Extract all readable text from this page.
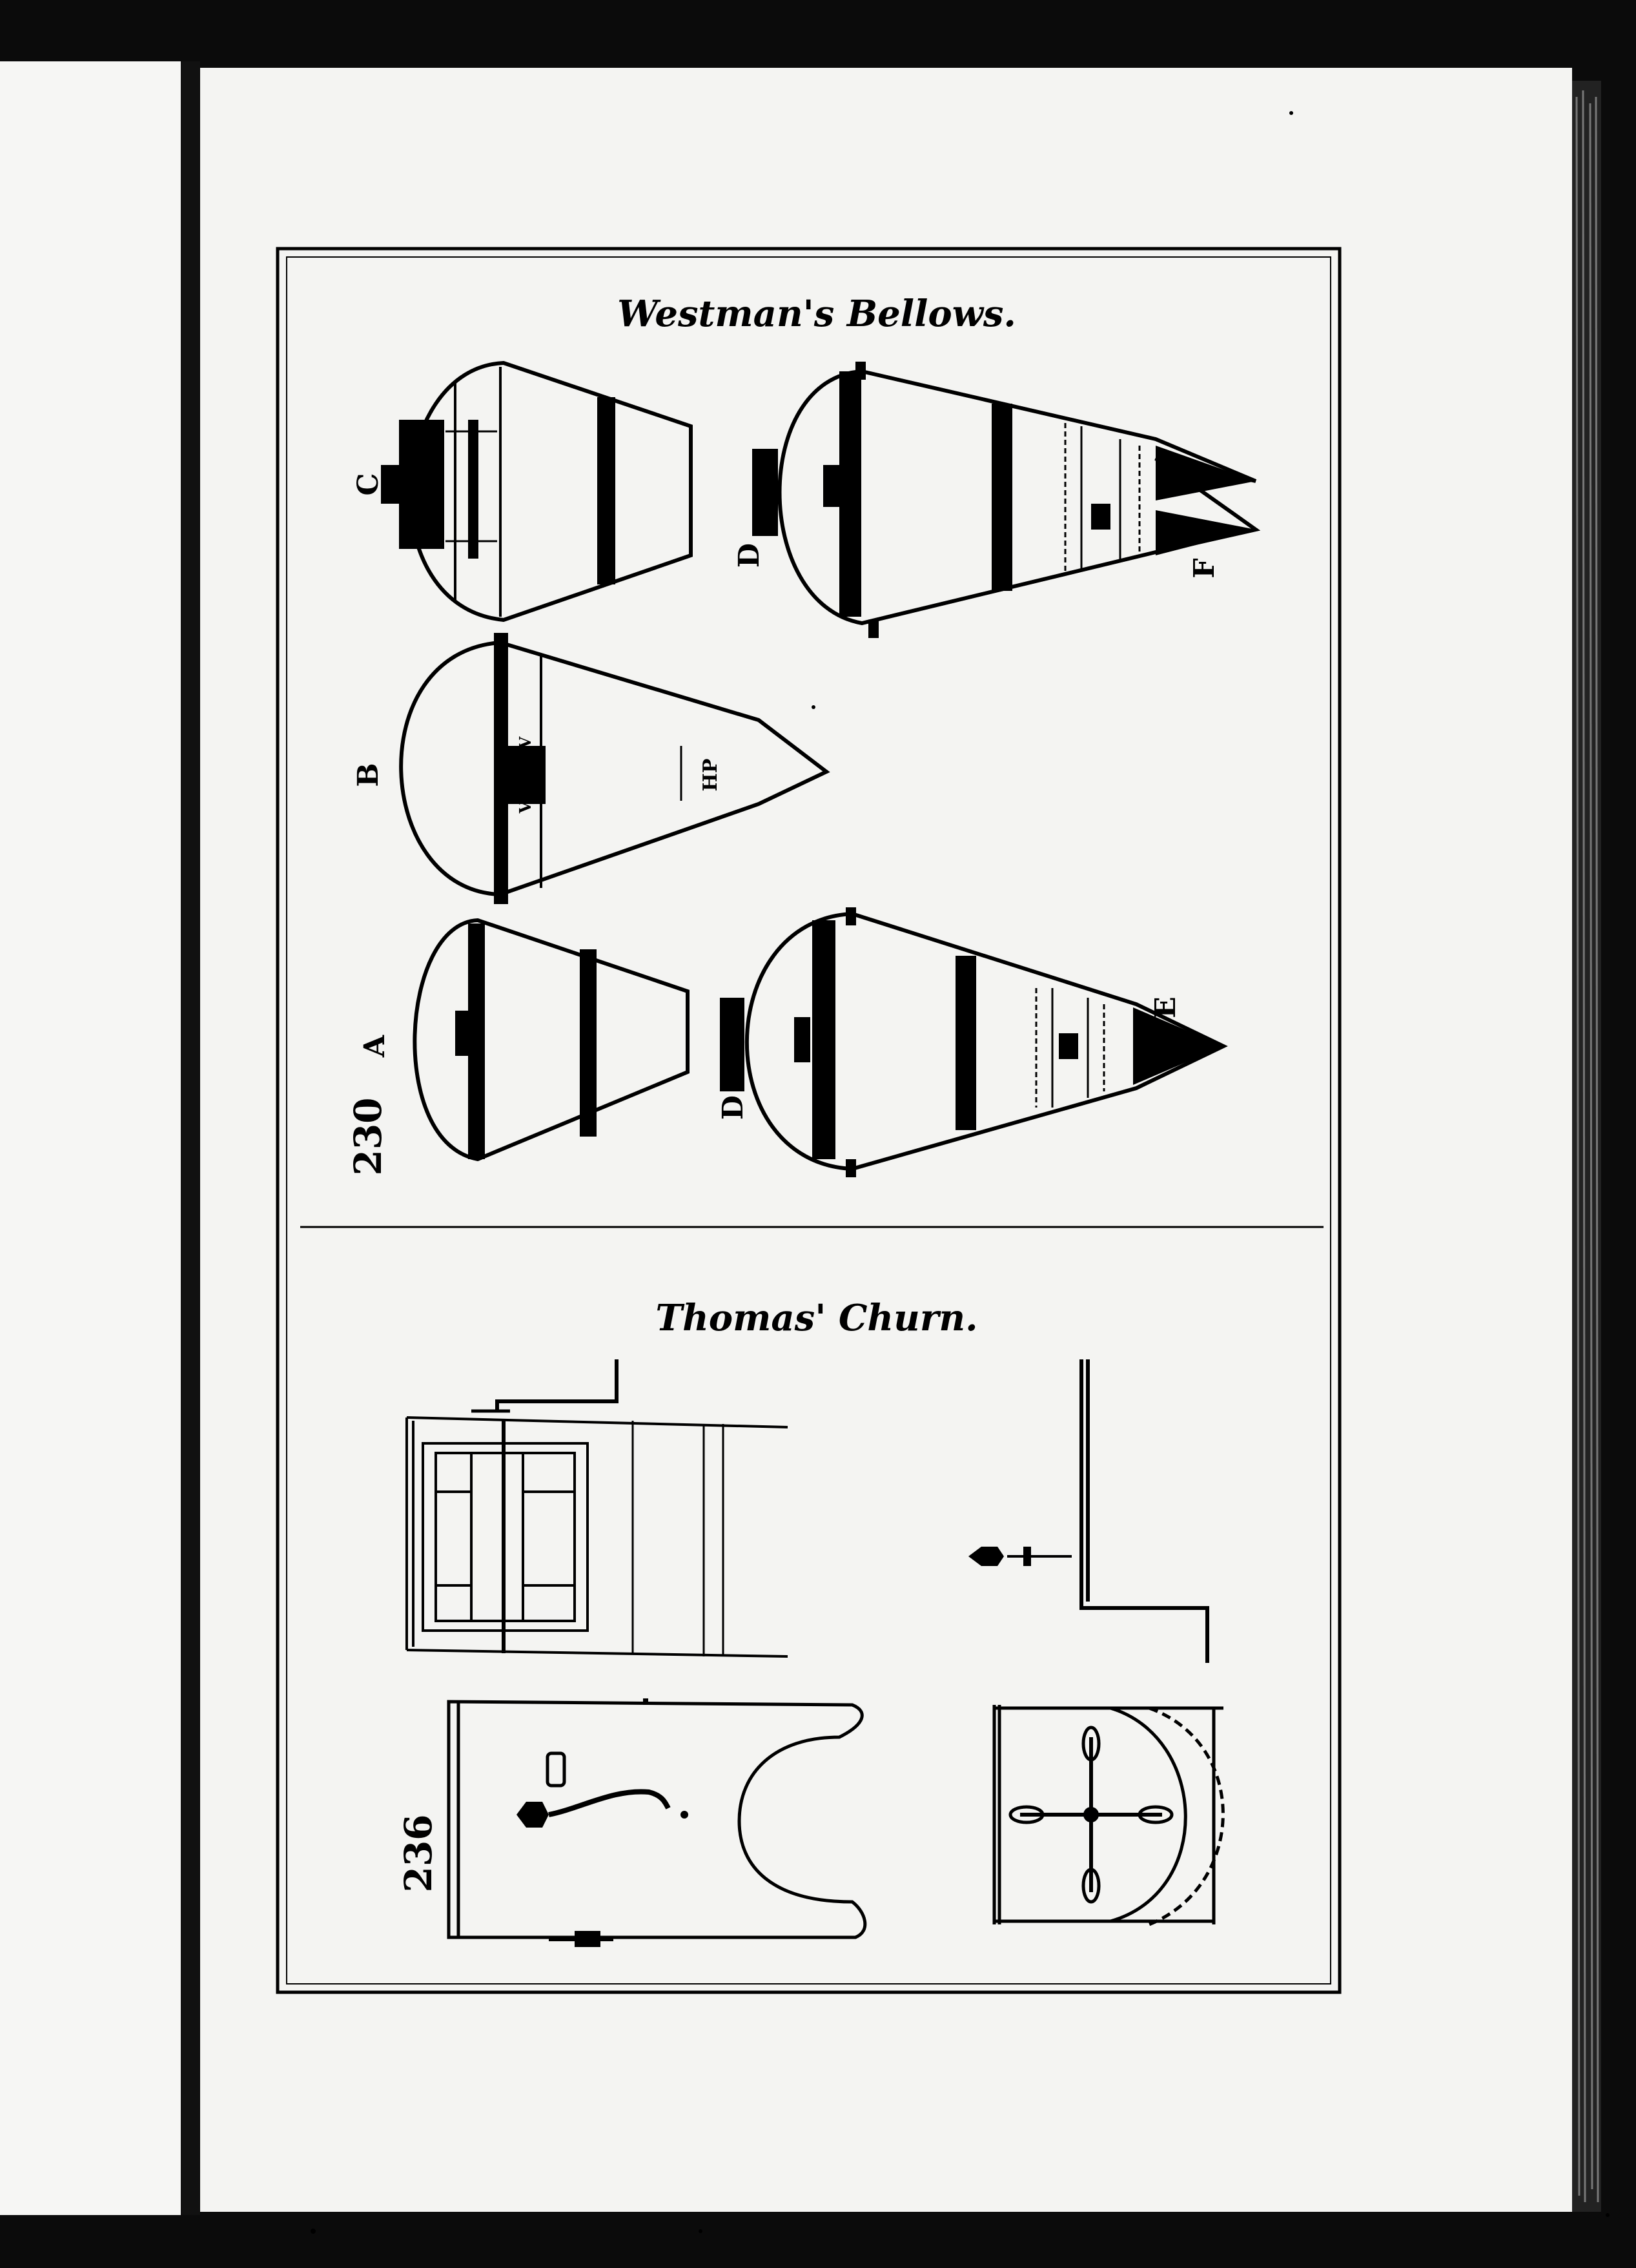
Westman's Bellows.
230
A
B	HP
V
V
C
D
E
D
F
Thomas' Churn.
236
